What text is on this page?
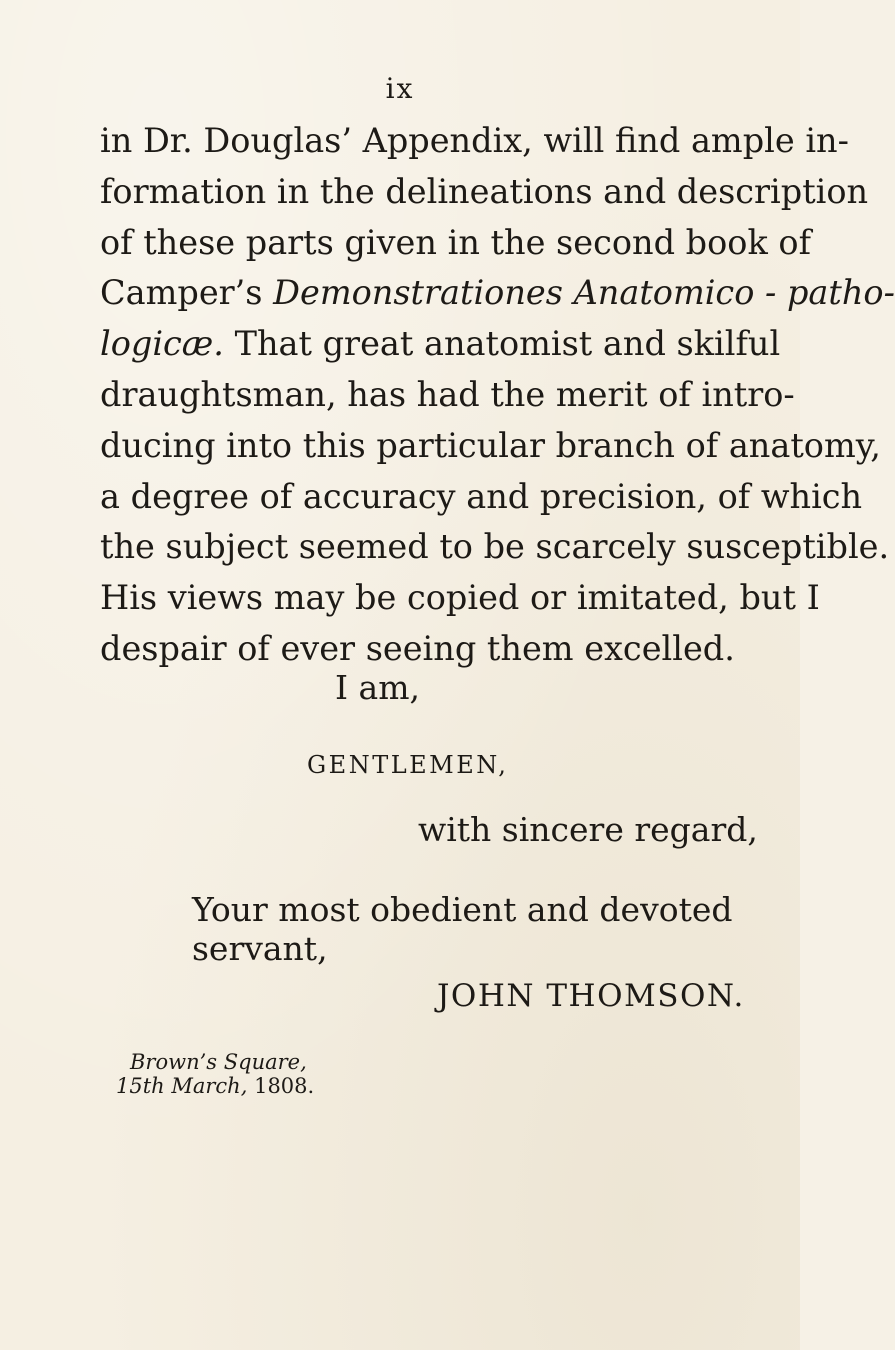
ix
in Dr. Douglas’ Appendix, will find ample in-
formation in the delineations and description
of these parts given in the second book of
Camper’s Demonstrationes Anatomico - patho-
logicæ. That great anatomist and skilful
draughtsman, has had the merit of intro-
ducing into this particular branch of anatomy,
a degree of accuracy and precision, of which
the subject seemed to be scarcely susceptible.
His views may be copied or imitated, but I
despair of ever seeing them excelled.
I am,
GENTLEMEN,
with sincere regard,
Your most obedient and devoted servant,
JOHN THOMSON.
Brown’s Square,
15th March, 1808.
